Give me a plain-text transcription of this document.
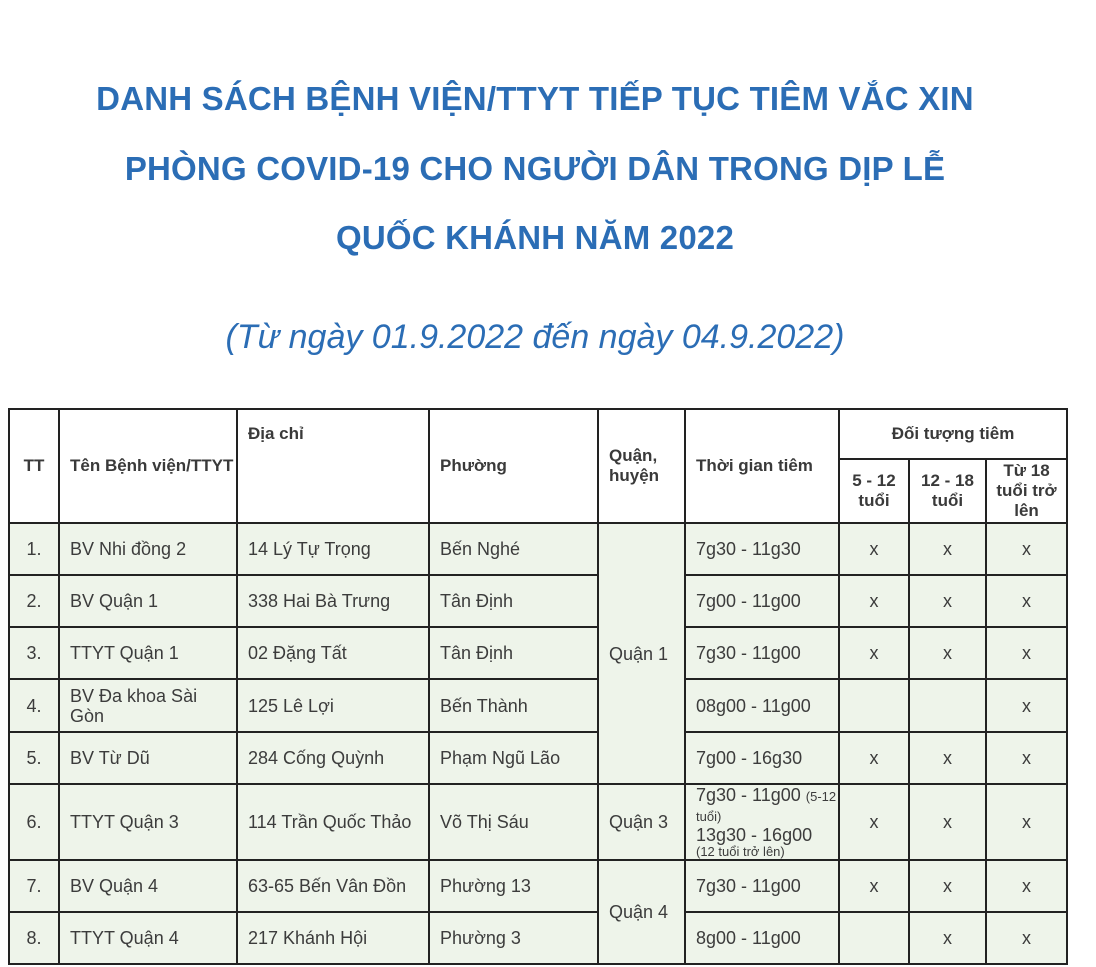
DANH SÁCH BỆNH VIỆN/TTYT TIẾP TỤC TIÊM VẮC XIN
PHÒNG COVID-19 CHO NGƯỜI DÂN TRONG DỊP LỄ
QUỐC KHÁNH NĂM 2022
(Từ ngày 01.9.2022 đến ngày 04.9.2022)
TT	Tên Bệnh viện/TTYT	Địa chỉ	Phường	Quận, huyện	Thời gian tiêm	Đối tượng tiêm		
						5 - 12 tuổi	12 - 18 tuổi	Từ 18 tuổi trở lên
1.	BV Nhi đồng 2	14 Lý Tự Trọng	Bến Nghé	Quận 1	7g30 - 11g30	x	x	x
2.	BV Quận 1	338 Hai Bà Trưng	Tân Định		7g00 - 11g00	x	x	x
3.	TTYT Quận 1	02 Đặng Tất	Tân Định		7g30 - 11g00	x	x	x
4.	BV Đa khoa Sài Gòn	125 Lê Lợi	Bến Thành		08g00 - 11g00			x
5.	BV Từ Dũ	284 Cống Quỳnh	Phạm Ngũ Lão		7g00 - 16g30	x	x	x
6.	TTYT Quận 3	114 Trần Quốc Thảo	Võ Thị Sáu	Quận 3	7g30 - 11g00 (5-12 tuổi)
13g30 - 16g00
(12 tuổi trở lên)	x	x	x
7.	BV Quận 4	63-65 Bến Vân Đồn	Phường 13	Quận 4	7g30 - 11g00	x	x	x
8.	TTYT Quận 4	217 Khánh Hội	Phường 3		8g00 - 11g00		x	x
